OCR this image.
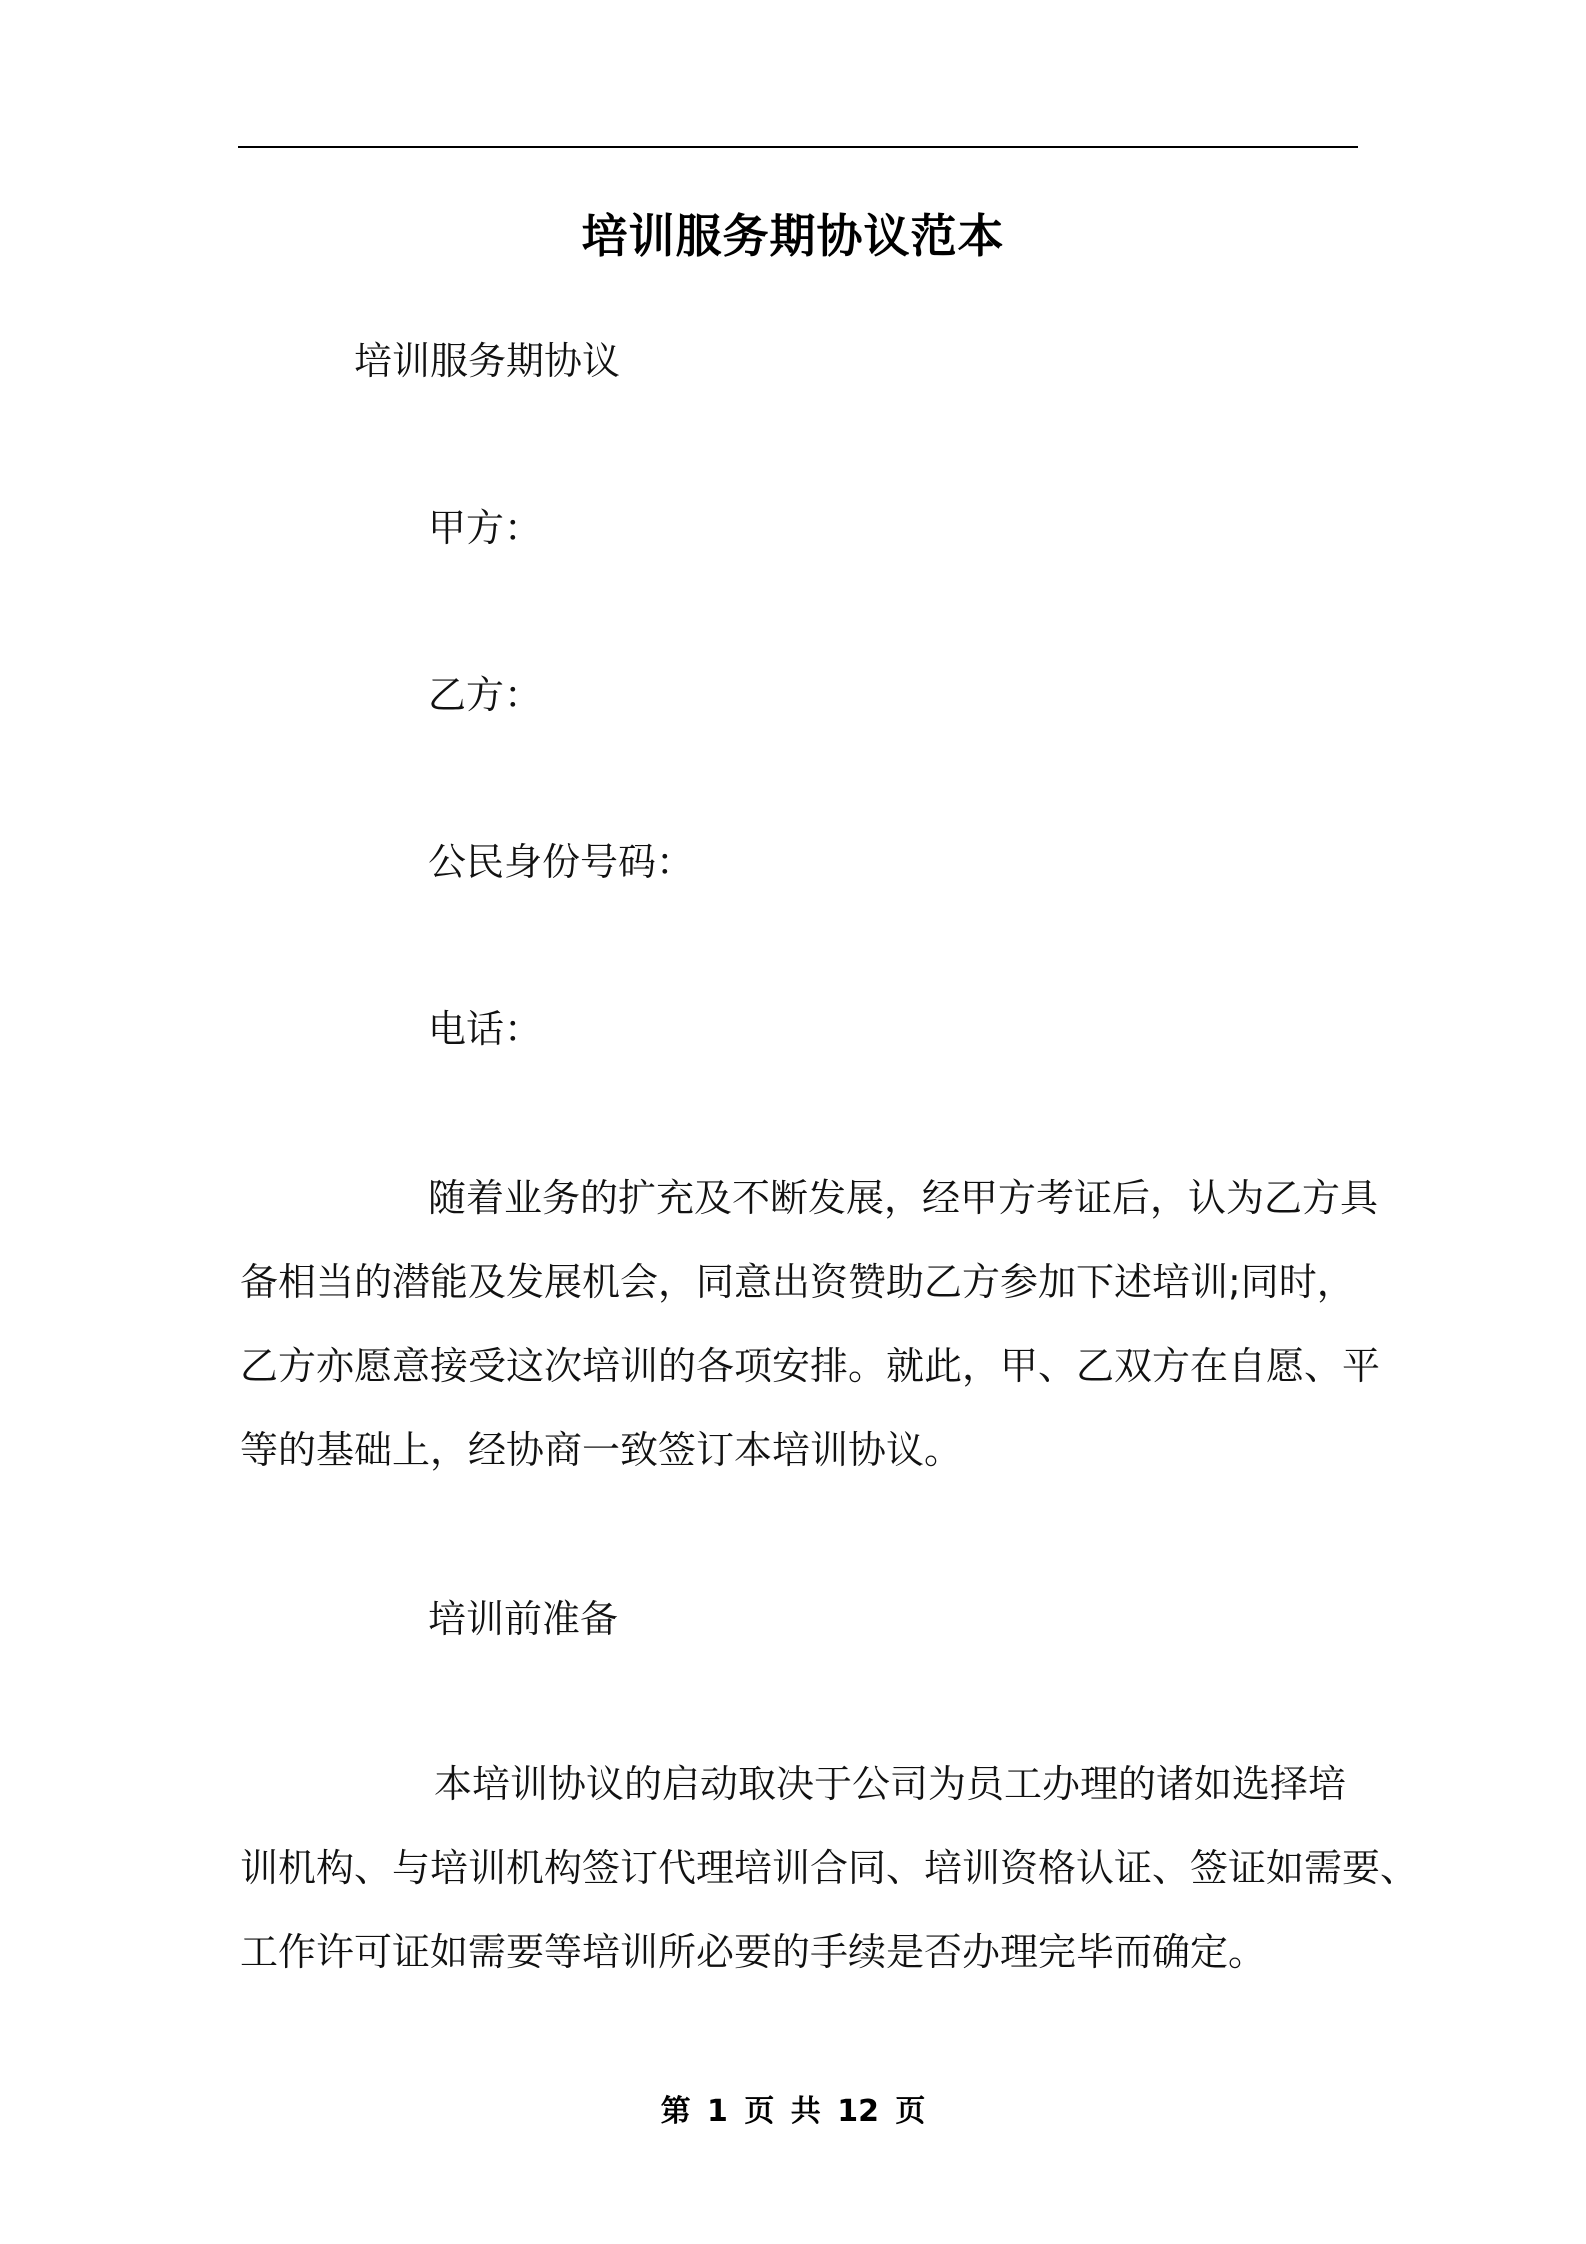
培训服务期协议范本
培训服务期协议
甲方：
乙方：
公民身份号码：
电话：
随着业务的扩充及不断发展，经甲方考证后，认为乙方具
备相当的潜能及发展机会，同意出资赞助乙方参加下述培训;同时，
乙方亦愿意接受这次培训的各项安排。就此，甲、乙双方在自愿、平
等的基础上，经协商一致签订本培训协议。
培训前准备
本培训协议的启动取决于公司为员工办理的诸如选择培
训机构、与培训机构签订代理培训合同、培训资格认证、签证如需要、
工作许可证如需要等培训所必要的手续是否办理完毕而确定。
第 1 页 共 12 页
